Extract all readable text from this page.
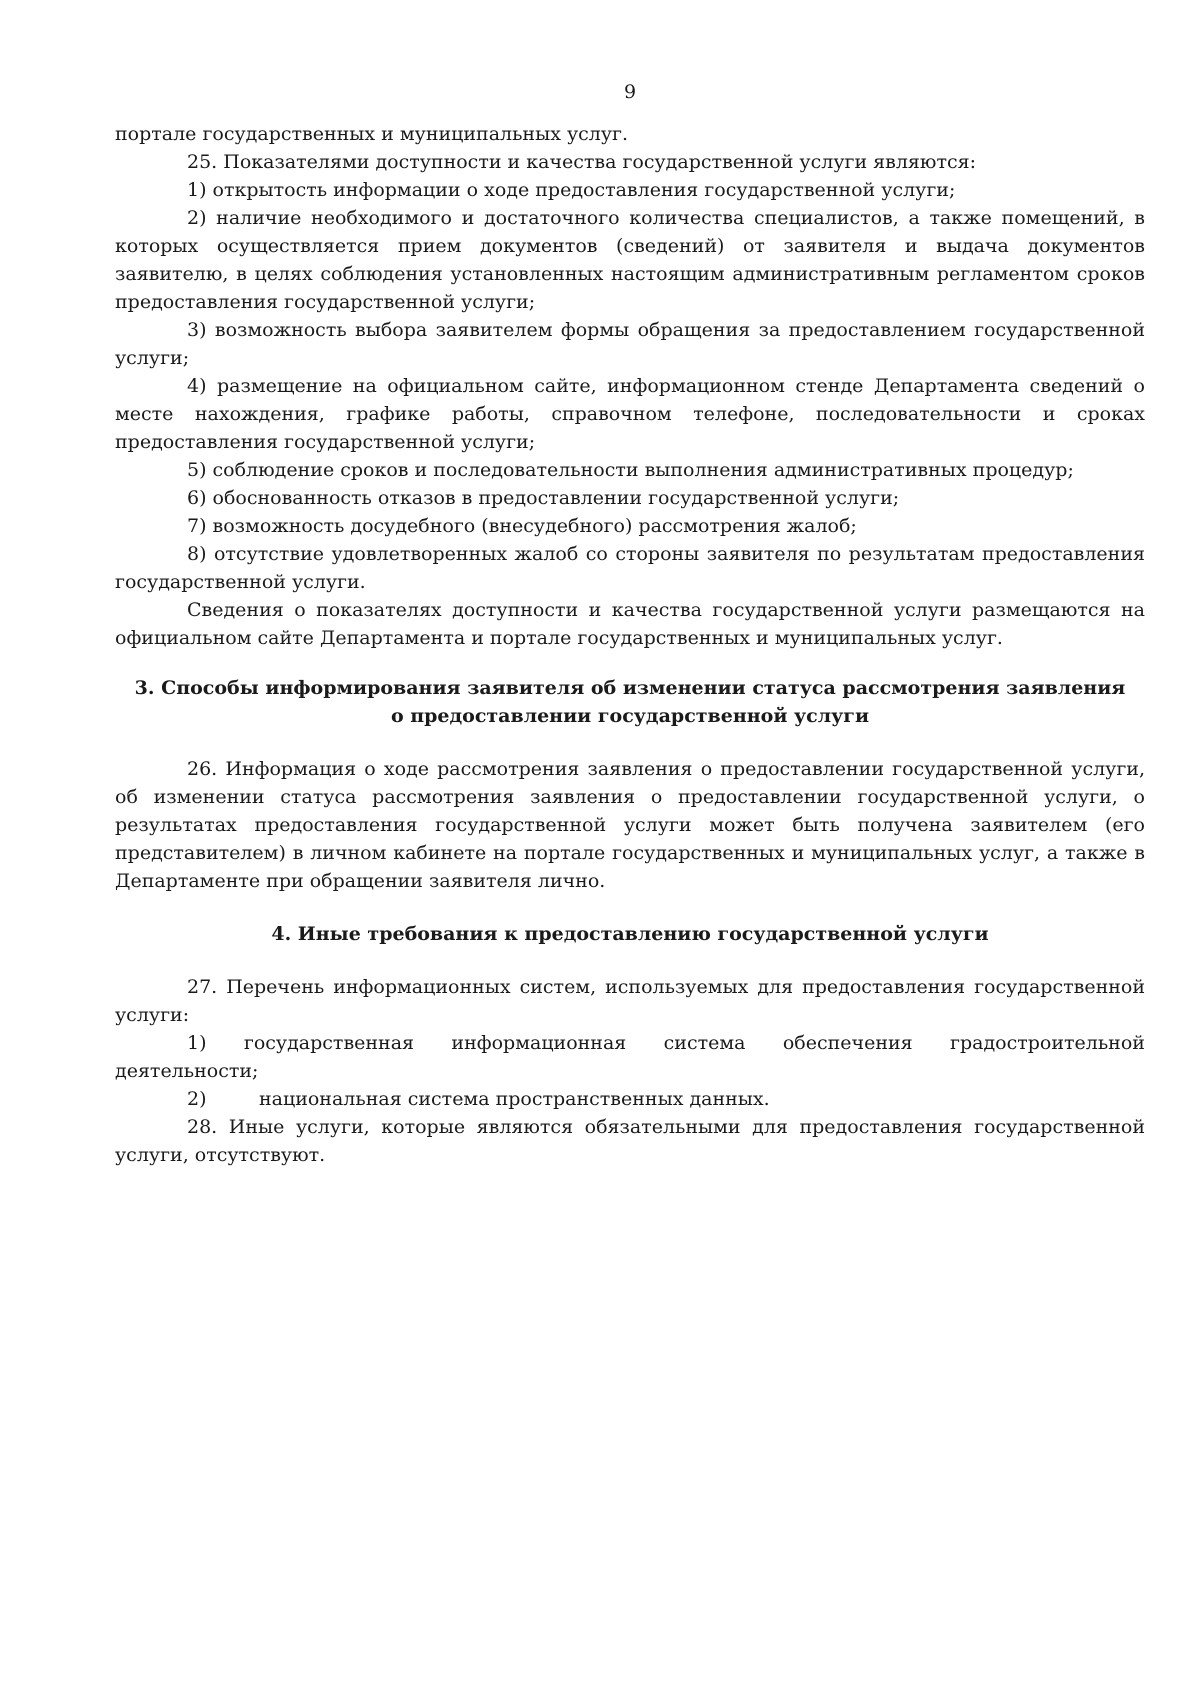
9

портале государственных и муниципальных услуг.

25. Показателями доступности и качества государственной услуги являются:

1) открытость информации о ходе предоставления государственной услуги;

2) наличие необходимого и достаточного количества специалистов, а также помещений, в которых осуществляется прием документов (сведений) от заявителя и выдача документов заявителю, в целях соблюдения установленных настоящим административным регламентом сроков предоставления государственной услуги;

3) возможность выбора заявителем формы обращения за предоставлением государственной услуги;

4) размещение на официальном сайте, информационном стенде Департамента сведений о месте нахождения, графике работы, справочном телефоне, последовательности и сроках предоставления государственной услуги;

5) соблюдение сроков и последовательности выполнения административных процедур;

6) обоснованность отказов в предоставлении государственной услуги;

7) возможность досудебного (внесудебного) рассмотрения жалоб;

8) отсутствие удовлетворенных жалоб со стороны заявителя по результатам предоставления государственной услуги.

Сведения о показателях доступности и качества государственной услуги размещаются на официальном сайте Департамента и портале государственных и муниципальных услуг.

3. Способы информирования заявителя об изменении статуса рассмотрения заявления
о предоставлении государственной услуги

26. Информация о ходе рассмотрения заявления о предоставлении государственной услуги, об изменении статуса рассмотрения заявления о предоставлении государственной услуги, о результатах предоставления государственной услуги может быть получена заявителем (его представителем) в личном кабинете на портале государственных и муниципальных услуг, а также в Департаменте при обращении заявителя лично.

4. Иные требования к предоставлению государственной услуги

27. Перечень информационных систем, используемых для предоставления государственной услуги:

1) государственная информационная система обеспечения градостроительной

деятельности;

2)	национальная система пространственных данных.

28. Иные услуги, которые являются обязательными для предоставления государственной услуги, отсутствуют.
